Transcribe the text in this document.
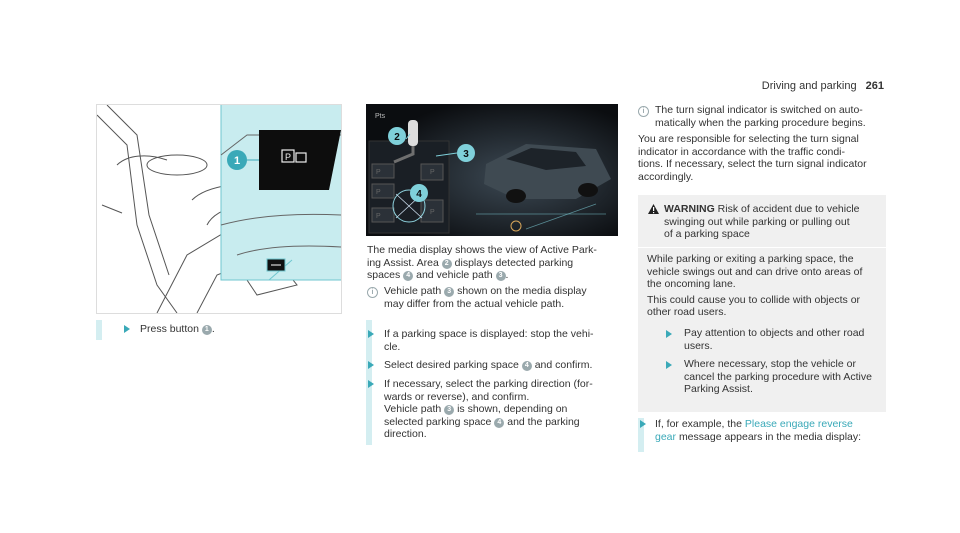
Driving and parking 261
P
1
Pts
P
P
P
P
P
2
3
4
Press button 1 .
The media display shows the view of Active Park-
ing Assist. Area 2 displays detected parking
spaces 4 and vehicle path 3 .
i	Vehicle path 3 shown on the media display
may differ from the actual vehicle path.
If a parking space is displayed: stop the vehi-
cle.
Select desired parking space 4 and confirm.
If necessary, select the parking direction (for-
wards or reverse), and confirm.
Vehicle path 3 is shown, depending on
selected parking space 4 and the parking
direction.
i	The turn signal indicator is switched on auto-
matically when the parking procedure begins.
You are responsible for selecting the turn signal
indicator in accordance with the traffic condi-
tions. If necessary, select the turn signal indicator
accordingly.
WARNING Risk of accident due to vehicle
swinging out while parking or pulling out
of a parking space
While parking or exiting a parking space, the
vehicle swings out and can drive onto areas of
the oncoming lane.
This could cause you to collide with objects or
other road users.
Pay attention to objects and other road
users.
Where necessary, stop the vehicle or
cancel the parking procedure with Active
Parking Assist.
If, for example, the Please engage reverse
gear message appears in the media display:
